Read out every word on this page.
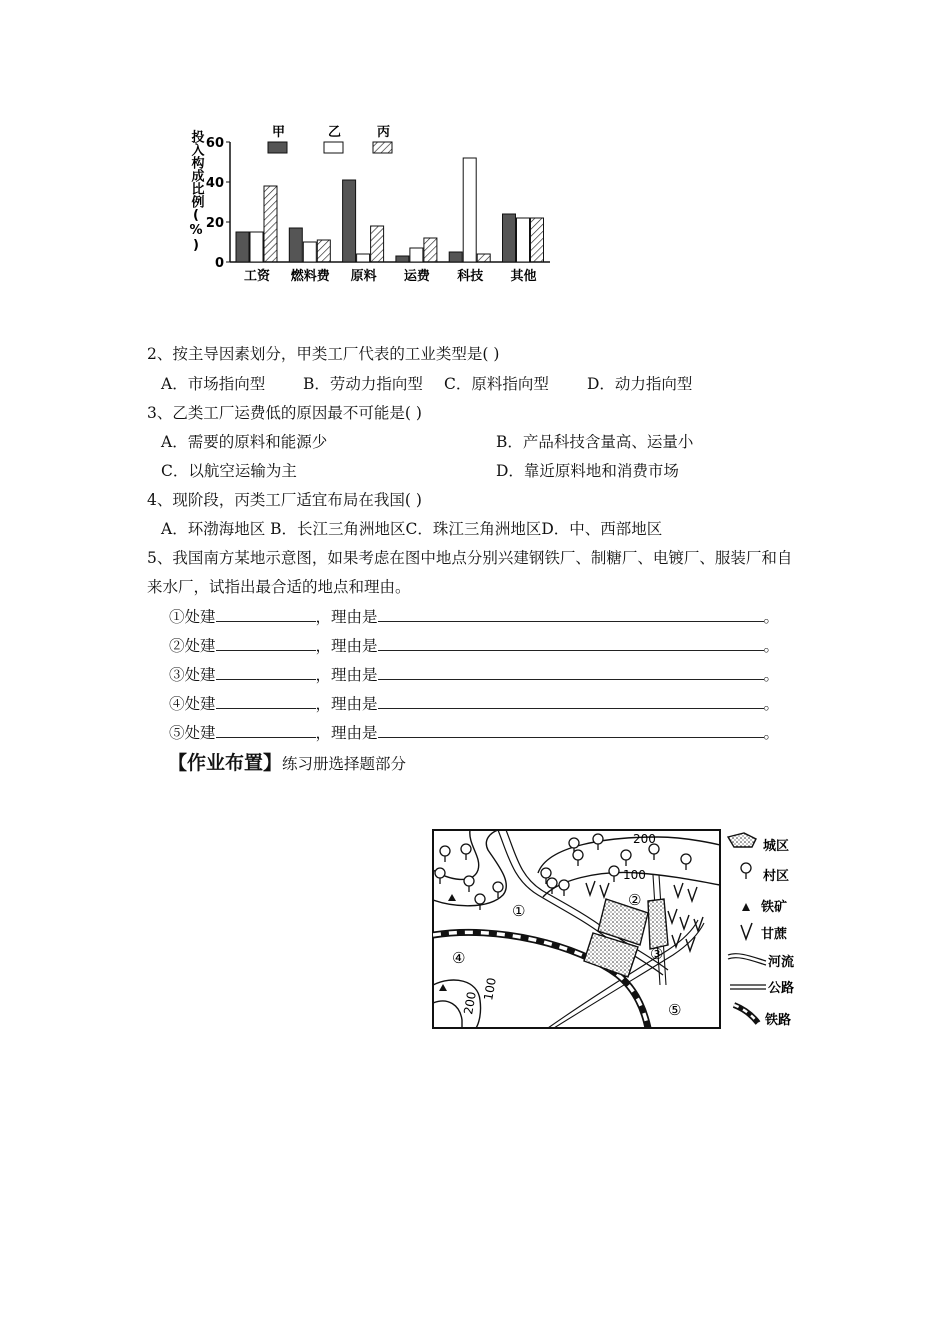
投入构成比例(%) 60
40
20
0
甲	乙	丙
工资 燃料费 原料 运费 科技 其他
2、按主导因素划分，甲类工厂代表的工业类型是( )
A．市场指向型 B．劳动力指向型 C．原料指向型 D．动力指向型
3、乙类工厂运费低的原因最不可能是( )
A．需要的原料和能源少	B．产品科技含量高、运量小
C．以航空运输为主	D．靠近原料地和消费市场
4、现阶段，丙类工厂适宜布局在我国( )
A．环渤海地区 B．长江三角洲地区C．珠江三角洲地区D．中、西部地区
5、我国南方某地示意图，如果考虑在图中地点分别兴建钢铁厂、制糖厂、电镀厂、服装厂和自
来水厂，试指出最合适的地点和理由。
①处建	，理由是	。
②处建	，理由是	。
③处建	，理由是	。
④处建	，理由是	。
⑤处建	，理由是	。
【作业布置】练习册选择题部分
200
100
200
100
①
②
③
④
⑤
城区
村区
铁矿
甘蔗
河流
公路
铁路
